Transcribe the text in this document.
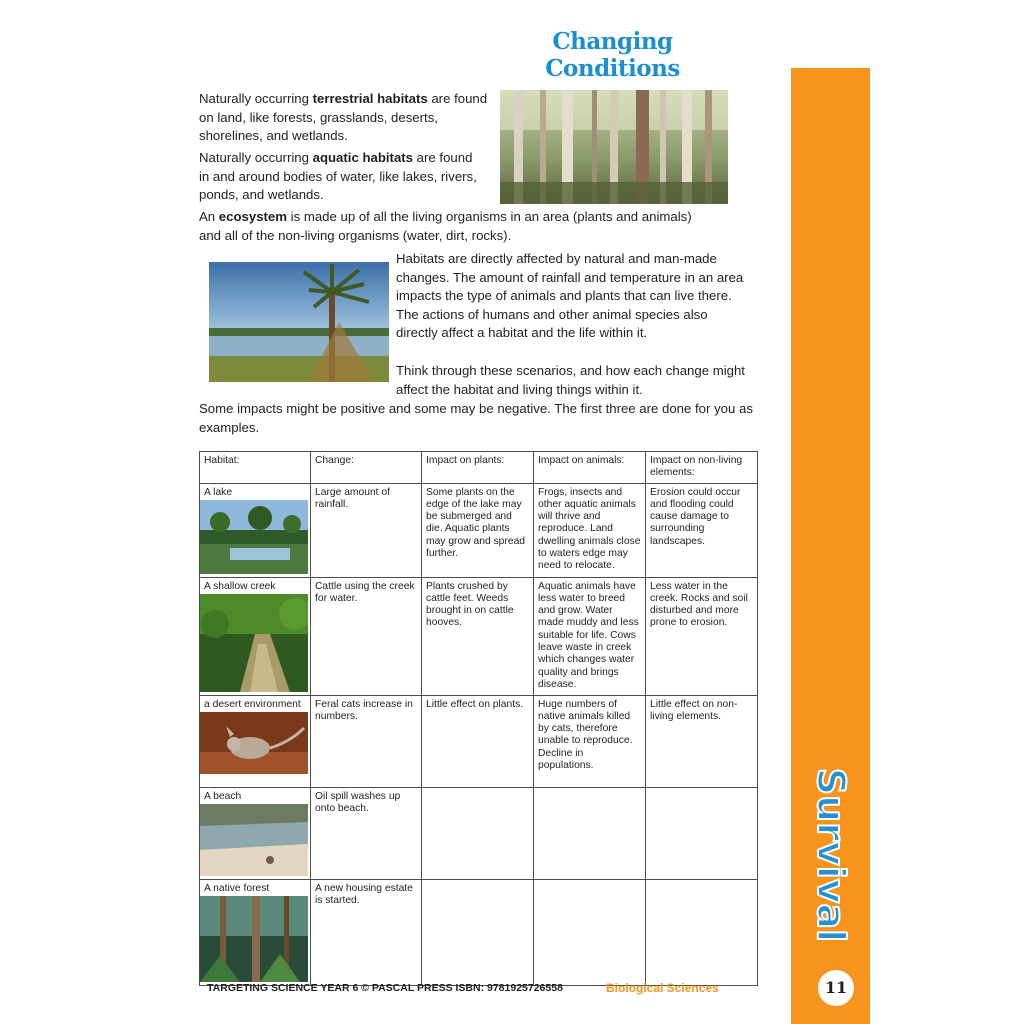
Changing Conditions

Naturally occurring terrestrial habitats are found on land, like forests, grasslands, deserts, shorelines, and wetlands.

Naturally occurring aquatic habitats are found in and around bodies of water, like lakes, rivers, ponds, and wetlands.

An ecosystem is made up of all the living organisms in an area (plants and animals) and all of the non-living organisms (water, dirt, rocks).

Habitats are directly affected by natural and man-made changes. The amount of rainfall and temperature in an area impacts the type of animals and plants that can live there. The actions of humans and other animal species also directly affect a habitat and the life within it.

Think through these scenarios, and how each change might affect the habitat and living things within it.

Some impacts might be positive and some may be negative. The first three are done for you as examples.

Habitat:	Change:	Impact on plants:	Impact on animals:	Impact on non-living elements:

A lake	Large amount of rainfall.	Some plants on the edge of the lake may be submerged and die. Aquatic plants may grow and spread further.	Frogs, insects and other aquatic animals will thrive and reproduce. Land dwelling animals close to waters edge may need to relocate.	Erosion could occur and flooding could cause damage to surrounding landscapes.

A shallow creek	Cattle using the creek for water.	Plants crushed by cattle feet. Weeds brought in on cattle hooves.	Aquatic animals have less water to breed and grow. Water made muddy and less suitable for life. Cows leave waste in creek which changes water quality and brings disease.	Less water in the creek. Rocks and soil disturbed and more prone to erosion.

a desert environment	Feral cats increase in numbers.	Little effect on plants.	Huge numbers of native animals killed by cats, therefore unable to reproduce. Decline in populations.	Little effect on non-living elements.

A beach	Oil spill washes up onto beach.			

A native forest	A new housing estate is started.				Survival
11
TARGETING SCIENCE YEAR 6 © PASCAL PRESS ISBN: 9781925726558	Biological Sciences
